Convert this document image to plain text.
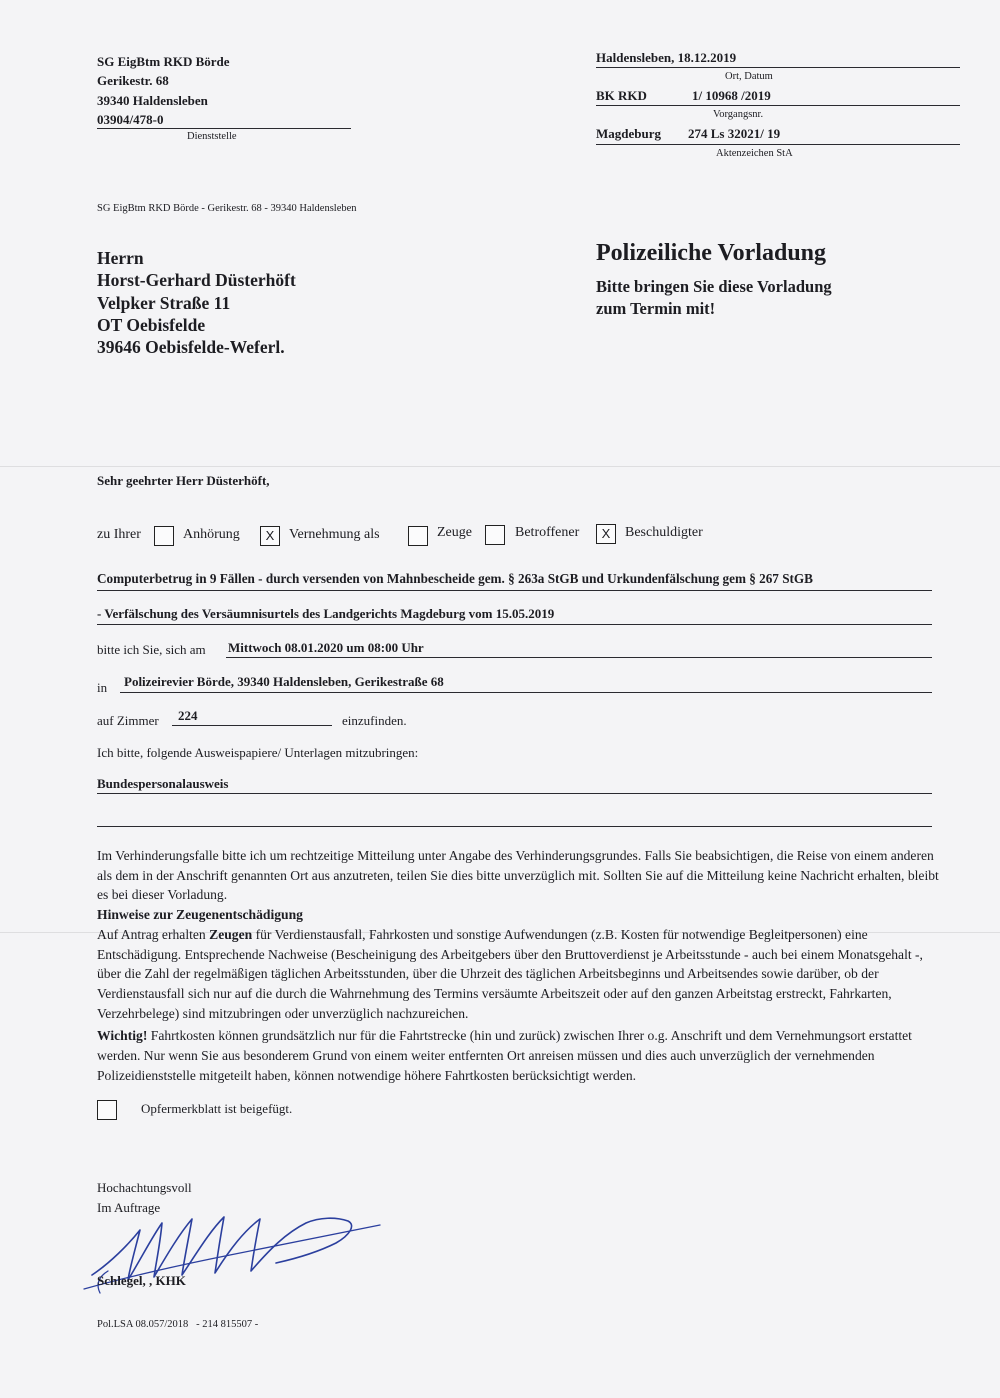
SG EigBtm RKD Börde
Gerikestr. 68
39340 Haldensleben
03904/478-0
Dienststelle
Haldensleben, 18.12.2019
Ort, Datum
BK RKD	1/ 10968 /2019
Vorgangsnr.
Magdeburg 274 Ls 32021/ 19
Aktenzeichen StA
SG EigBtm RKD Börde - Gerikestr. 68 - 39340 Haldensleben
Herrn
Horst-Gerhard Düsterhöft
Velpker Straße 11
OT Oebisfelde
39646 Oebisfelde-Weferl.
Polizeiliche Vorladung
Bitte bringen Sie diese Vorladung
zum Termin mit!
Sehr geehrter Herr Düsterhöft,
zu Ihrer	Anhörung	X	Vernehmung als	Zeuge	Betroffener	X	Beschuldigter
Computerbetrug in 9 Fällen - durch versenden von Mahnbescheide gem. § 263a StGB und Urkundenfälschung gem § 267 StGB
- Verfälschung des Versäumnisurtels des Landgerichts Magdeburg vom 15.05.2019
bitte ich Sie, sich am Mittwoch 08.01.2020 um 08:00 Uhr
in Polizeirevier Börde, 39340 Haldensleben, Gerikestraße 68
auf Zimmer 224	einzufinden.
Ich bitte, folgende Ausweispapiere/ Unterlagen mitzubringen:
Bundespersonalausweis

Im Verhinderungsfalle bitte ich um rechtzeitige Mitteilung unter Angabe des Verhinderungsgrundes. Falls Sie beabsichtigen, die Reise von einem anderen als dem in der Anschrift genannten Ort aus anzutreten, teilen Sie dies bitte unverzüglich mit. Sollten Sie auf die Mitteilung keine Nachricht erhalten, bleibt es bei dieser Vorladung.

Hinweise zur Zeugenentschädigung

Auf Antrag erhalten Zeugen für Verdienstausfall, Fahrkosten und sonstige Aufwendungen (z.B. Kosten für notwendige Begleitpersonen) eine Entschädigung. Entsprechende Nachweise (Bescheinigung des Arbeitgebers über den Bruttoverdienst je Arbeitsstunde - auch bei einem Monatsgehalt -, über die Zahl der regelmäßigen täglichen Arbeitsstunden, über die Uhrzeit des täglichen Arbeitsbeginns und Arbeitsendes sowie darüber, ob der Verdienstausfall sich nur auf die durch die Wahrnehmung des Termins versäumte Arbeitszeit oder auf den ganzen Arbeitstag erstreckt, Fahrkarten, Verzehrbelege) sind mitzubringen oder unverzüglich nachzureichen.

Wichtig! Fahrtkosten können grundsätzlich nur für die Fahrtstrecke (hin und zurück) zwischen Ihrer o.g. Anschrift und dem Vernehmungsort erstattet werden. Nur wenn Sie aus besonderem Grund von einem weiter entfernten Ort anreisen müssen und dies auch unverzüglich der vernehmenden Polizeidienststelle mitgeteilt haben, können notwendige höhere Fahrtkosten berücksichtigt werden.

Opfermerkblatt ist beigefügt.
Hochachtungsvoll
Im Auftrage
Schlegel, , KHK
Pol.LSA 08.057/2018   - 214 815507 -
